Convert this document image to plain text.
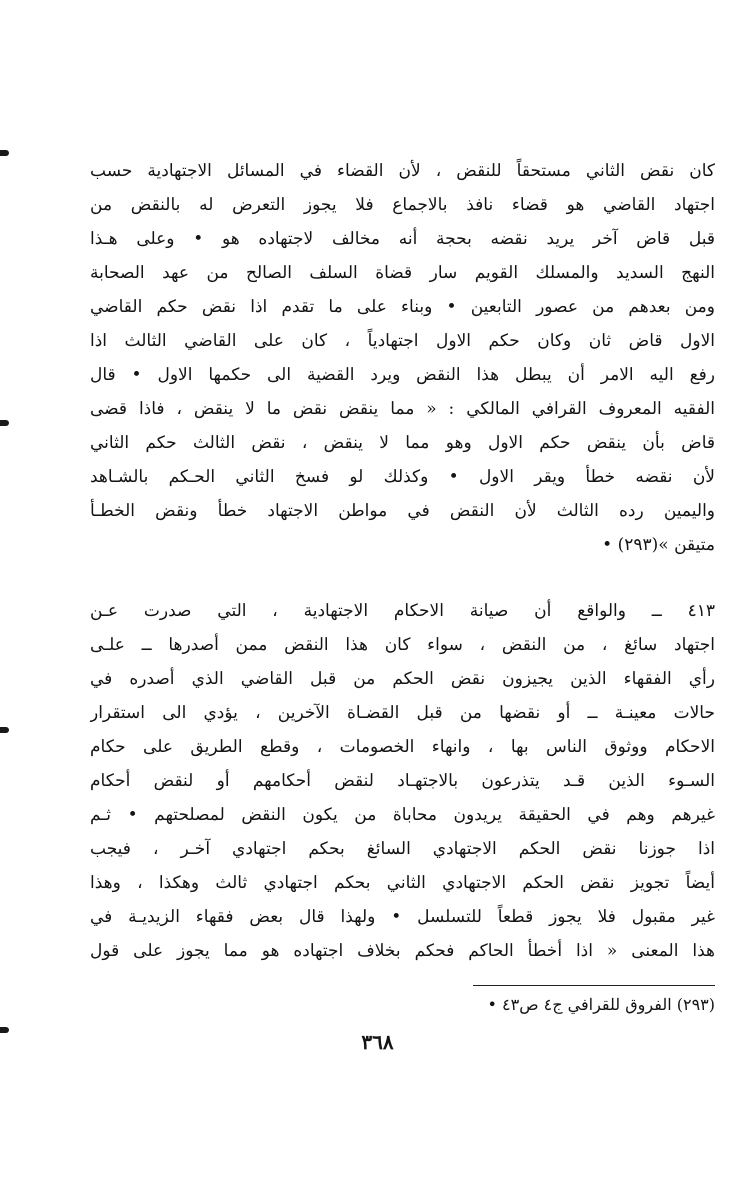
كان نقض الثاني مستحقاً للنقض ، لأن القضاء في المسائل الاجتهادية حسب
اجتهاد القاضي هو قضاء نافذ بالاجماع فلا يجوز التعرض له بالنقض من
قبل قاض آخر يريد نقضه بحجة أنه مخالف لاجتهاده هو • وعلى هـذا
النهج السديد والمسلك القويم سار قضاة السلف الصالح من عهد الصحابة
ومن بعدهم من عصور التابعين • وبناء على ما تقدم اذا نقض حكم القاضي
الاول قاض ثان وكان حكم الاول اجتهادياً ، كان على القاضي الثالث اذا
رفع اليه الامر أن يبطل هذا النقض ويرد القضية الى حكمها الاول • قال
الفقيه المعروف القرافي المالكي : « مما ينقض نقض ما لا ينقض ، فاذا قضى
قاض بأن ينقض حكم الاول وهو مما لا ينقض ، نقض الثالث حكم الثاني
لأن نقضه خطأ ويقر الاول • وكذلك لو فسخ الثاني الحـكم بالشـاهد
واليمين رده الثالث لأن النقض في مواطن الاجتهاد خطأ ونقض الخطـأ
متيقن »(٢٩٣) •
٤١٣ ــ والواقع أن صيانة الاحكام الاجتهادية ، التي صدرت عـن
اجتهاد سائغ ، من النقض ، سواء كان هذا النقض ممن أصدرها ــ علـى
رأي الفقهاء الذين يجيزون نقض الحكم من قبل القاضي الذي أصدره في
حالات معينـة ــ أو نقضها من قبل القضـاة الآخرين ، يؤدي الى استقرار
الاحكام ووثوق الناس بها ، وانهاء الخصومات ، وقطع الطريق على حكام
السـوء الذين قـد يتذرعون بالاجتهـاد لنقض أحكامهم أو لنقض أحكام
غيرهم وهم في الحقيقة يريدون محاباة من يكون النقض لمصلحتهم • ثـم
اذا جوزنا نقض الحكم الاجتهادي السائغ بحكم اجتهادي آخـر ، فيجب
أيضاً تجويز نقض الحكم الاجتهادي الثاني بحكم اجتهادي ثالث وهكذا ، وهذا
غير مقبول فلا يجوز قطعاً للتسلسل • ولهذا قال بعض فقهاء الزيديـة في
هذا المعنى « اذا أخطأ الحاكم فحكم بخلاف اجتهاده هو مما يجوز على قول
(٢٩٣) الفروق للقرافي ج٤ ص٤٣ •
٣٦٨
